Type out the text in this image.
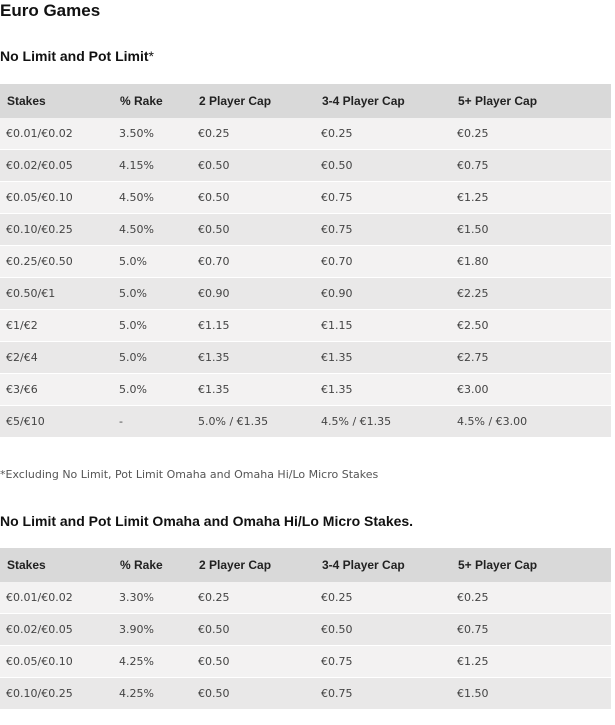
Euro Games
No Limit and Pot Limit*
Stakes	% Rake	2 Player Cap	3-4 Player Cap	5+ Player Cap
€0.01/€0.02	3.50%	€0.25	€0.25	€0.25
€0.02/€0.05	4.15%	€0.50	€0.50	€0.75
€0.05/€0.10	4.50%	€0.50	€0.75	€1.25
€0.10/€0.25	4.50%	€0.50	€0.75	€1.50
€0.25/€0.50	5.0%	€0.70	€0.70	€1.80
€0.50/€1	5.0%	€0.90	€0.90	€2.25
€1/€2	5.0%	€1.15	€1.15	€2.50
€2/€4	5.0%	€1.35	€1.35	€2.75
€3/€6	5.0%	€1.35	€1.35	€3.00
€5/€10	-	5.0% / €1.35	4.5% / €1.35	4.5% / €3.00

*Excluding No Limit, Pot Limit Omaha and Omaha Hi/Lo Micro Stakes

No Limit and Pot Limit Omaha and Omaha Hi/Lo Micro Stakes.
Stakes	% Rake	2 Player Cap	3-4 Player Cap	5+ Player Cap
€0.01/€0.02	3.30%	€0.25	€0.25	€0.25
€0.02/€0.05	3.90%	€0.50	€0.50	€0.75
€0.05/€0.10	4.25%	€0.50	€0.75	€1.25
€0.10/€0.25	4.25%	€0.50	€0.75	€1.50
